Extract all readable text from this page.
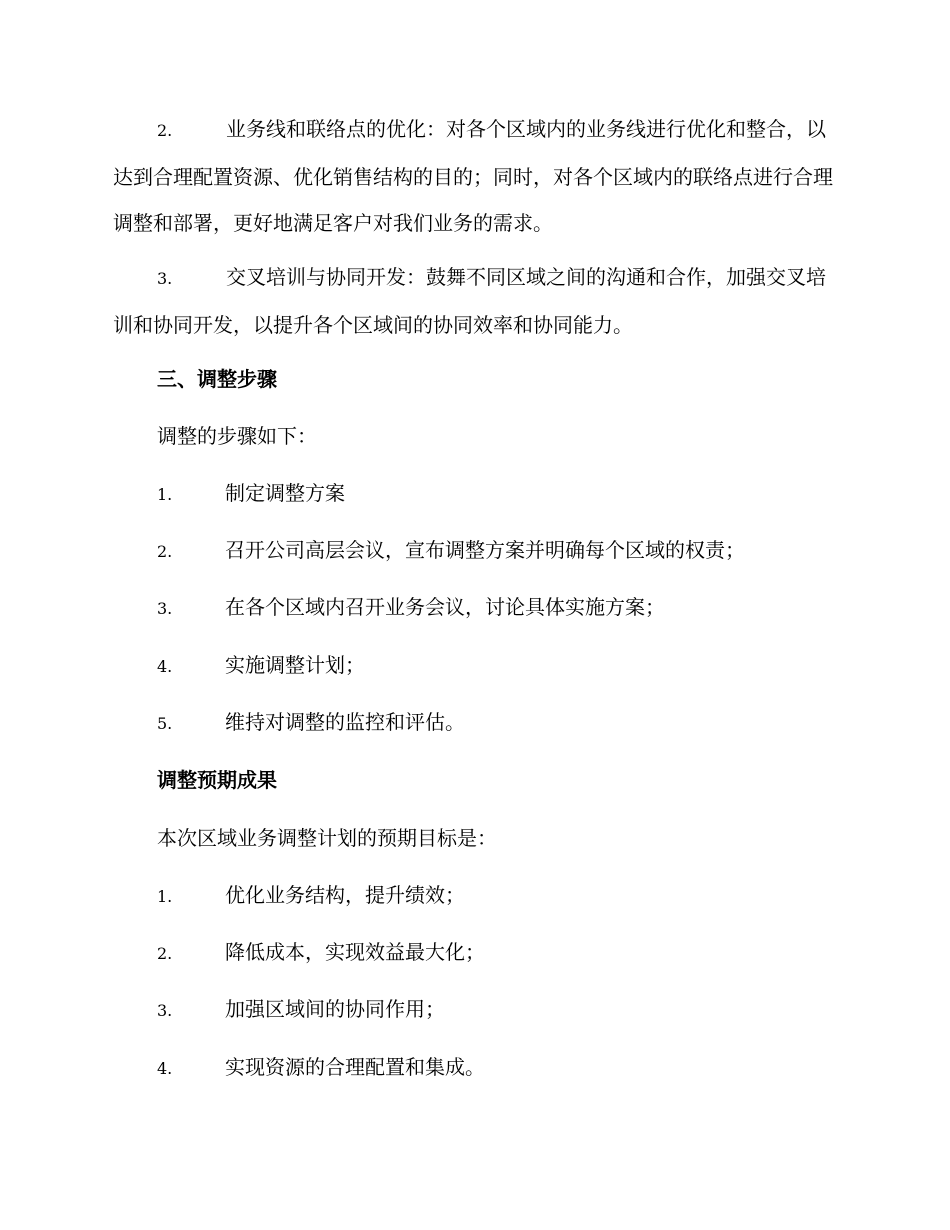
2.	业务线和联络点的优化：对各个区域内的业务线进行优化和整合，以达到合理配置资源、优化销售结构的目的；同时，对各个区域内的联络点进行合理调整和部署，更好地满足客户对我们业务的需求。

3.	交叉培训与协同开发：鼓舞不同区域之间的沟通和合作，加强交叉培训和协同开发，以提升各个区域间的协同效率和协同能力。

三、调整步骤
调整的步骤如下：
1.	制定调整方案
2.	召开公司高层会议，宣布调整方案并明确每个区域的权责；
3.	在各个区域内召开业务会议，讨论具体实施方案；
4.	实施调整计划；
5.	维持对调整的监控和评估。
调整预期成果
本次区域业务调整计划的预期目标是：
1.	优化业务结构，提升绩效；
2.	降低成本，实现效益最大化；
3.	加强区域间的协同作用；
4.	实现资源的合理配置和集成。
